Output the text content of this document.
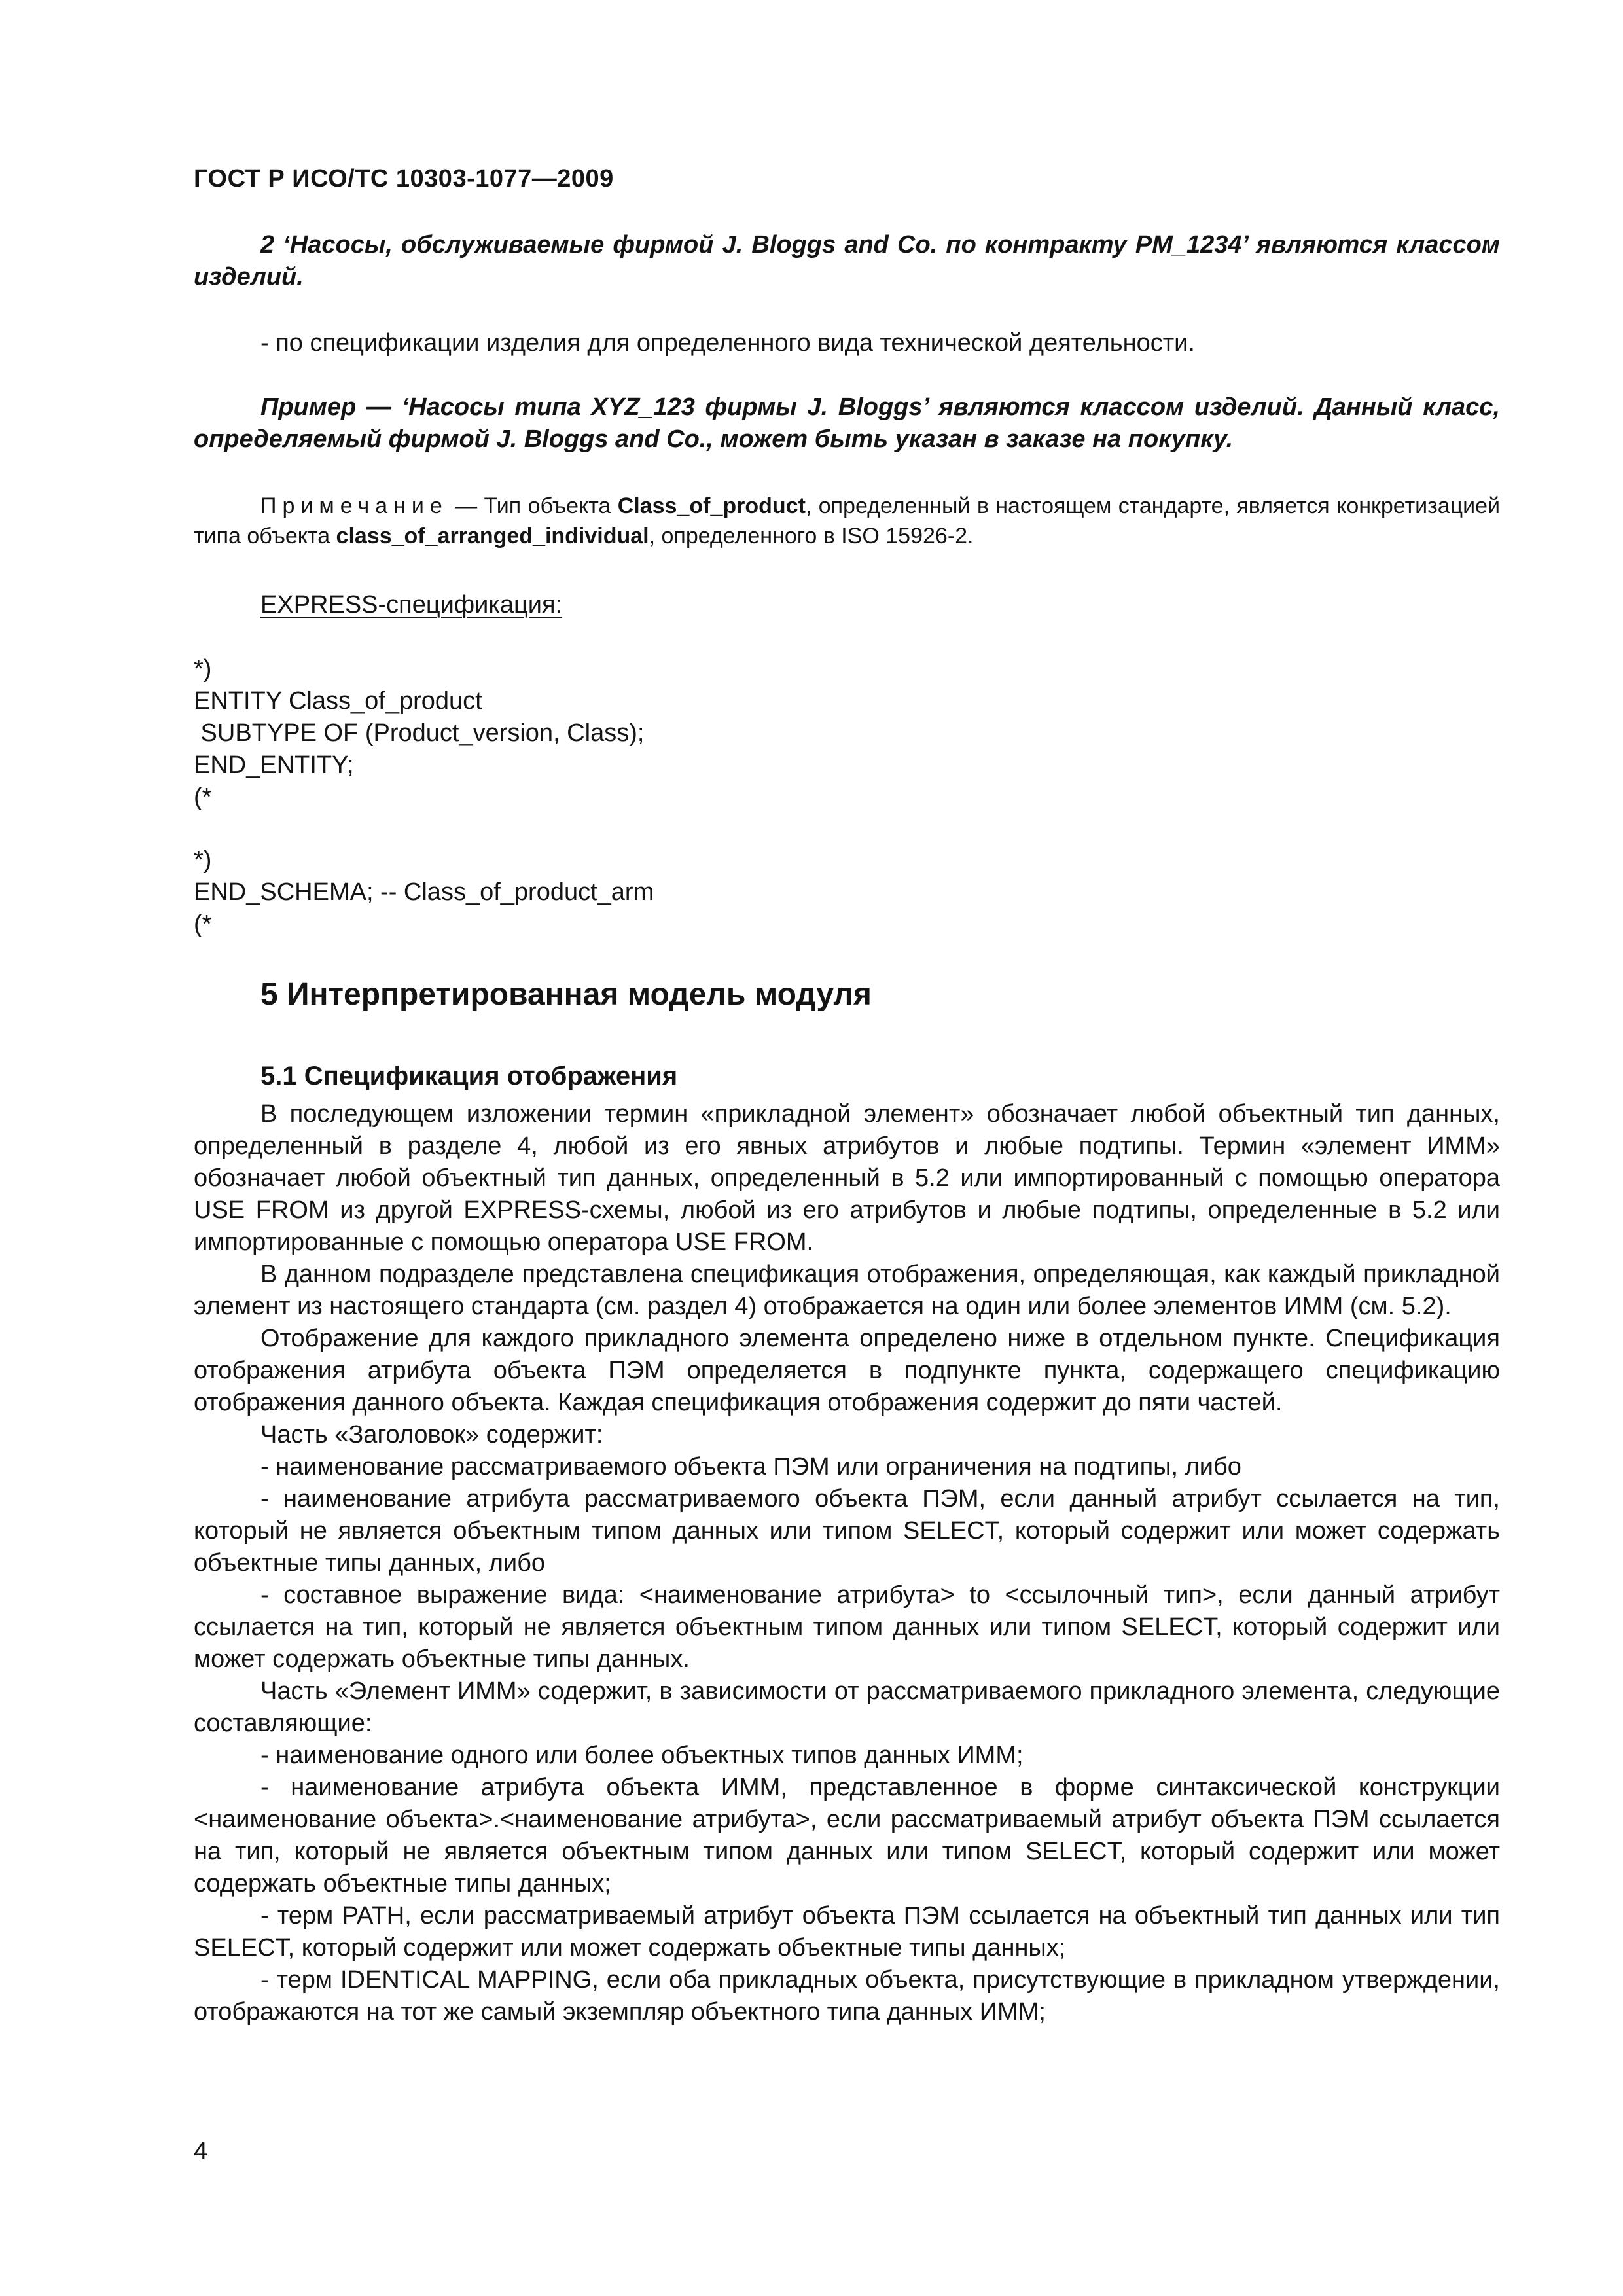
ГОСТ Р ИСО/ТС 10303-1077—2009
2 ‘Насосы, обслуживаемые фирмой J. Bloggs and Co. по контракту PM_1234’ являются классом изделий.
- по спецификации изделия для определенного вида технической деятельности.
Пример — ‘Насосы типа XYZ_123 фирмы J. Bloggs’ являются классом изделий. Данный класс, определяемый фирмой J. Bloggs and Co., может быть указан в заказе на покупку.
Примечание — Тип объекта Class_of_product, определенный в настоящем стандарте, является конкретизацией типа объекта class_of_arranged_individual, определенного в ISO 15926-2.
EXPRESS-спецификация:
*)
ENTITY Class_of_product
SUBTYPE OF (Product_version, Class);
END_ENTITY;
(*
*)
END_SCHEMA; -- Class_of_product_arm
(*
5 Интерпретированная модель модуля
5.1 Спецификация отображения

В последующем изложении термин «прикладной элемент» обозначает любой объектный тип данных, определенный в разделе 4, любой из его явных атрибутов и любые подтипы. Термин «элемент ИММ» обозначает любой объектный тип данных, определенный в 5.2 или импортированный с помощью оператора USE FROM из другой EXPRESS-схемы, любой из его атрибутов и любые подтипы, определенные в 5.2 или импортированные с помощью оператора USE FROM.

В данном подразделе представлена спецификация отображения, определяющая, как каждый прикладной элемент из настоящего стандарта (см. раздел 4) отображается на один или более элементов ИММ (см. 5.2).

Отображение для каждого прикладного элемента определено ниже в отдельном пункте. Спецификация отображения атрибута объекта ПЭМ определяется в подпункте пункта, содержащего спецификацию отображения данного объекта. Каждая спецификация отображения содержит до пяти частей.

Часть «Заголовок» содержит:

- наименование рассматриваемого объекта ПЭМ или ограничения на подтипы, либо

- наименование атрибута рассматриваемого объекта ПЭМ, если данный атрибут ссылается на тип, который не является объектным типом данных или типом SELECT, который содержит или может содержать объектные типы данных, либо

- составное выражение вида: <наименование атрибута> to <ссылочный тип>, если данный атрибут ссылается на тип, который не является объектным типом данных или типом SELECT, который содержит или может содержать объектные типы данных.

Часть «Элемент ИММ» содержит, в зависимости от рассматриваемого прикладного элемента, следующие составляющие:

- наименование одного или более объектных типов данных ИММ;

- наименование атрибута объекта ИММ, представленное в форме синтаксической конструкции <наименование объекта>.<наименование атрибута>, если рассматриваемый атрибут объекта ПЭМ ссылается на тип, который не является объектным типом данных или типом SELECT, который содержит или может содержать объектные типы данных;

- терм PATH, если рассматриваемый атрибут объекта ПЭМ ссылается на объектный тип данных или тип SELECT, который содержит или может содержать объектные типы данных;

- терм IDENTICAL MAPPING, если оба прикладных объекта, присутствующие в прикладном утверждении, отображаются на тот же самый экземпляр объектного типа данных ИММ;

4
